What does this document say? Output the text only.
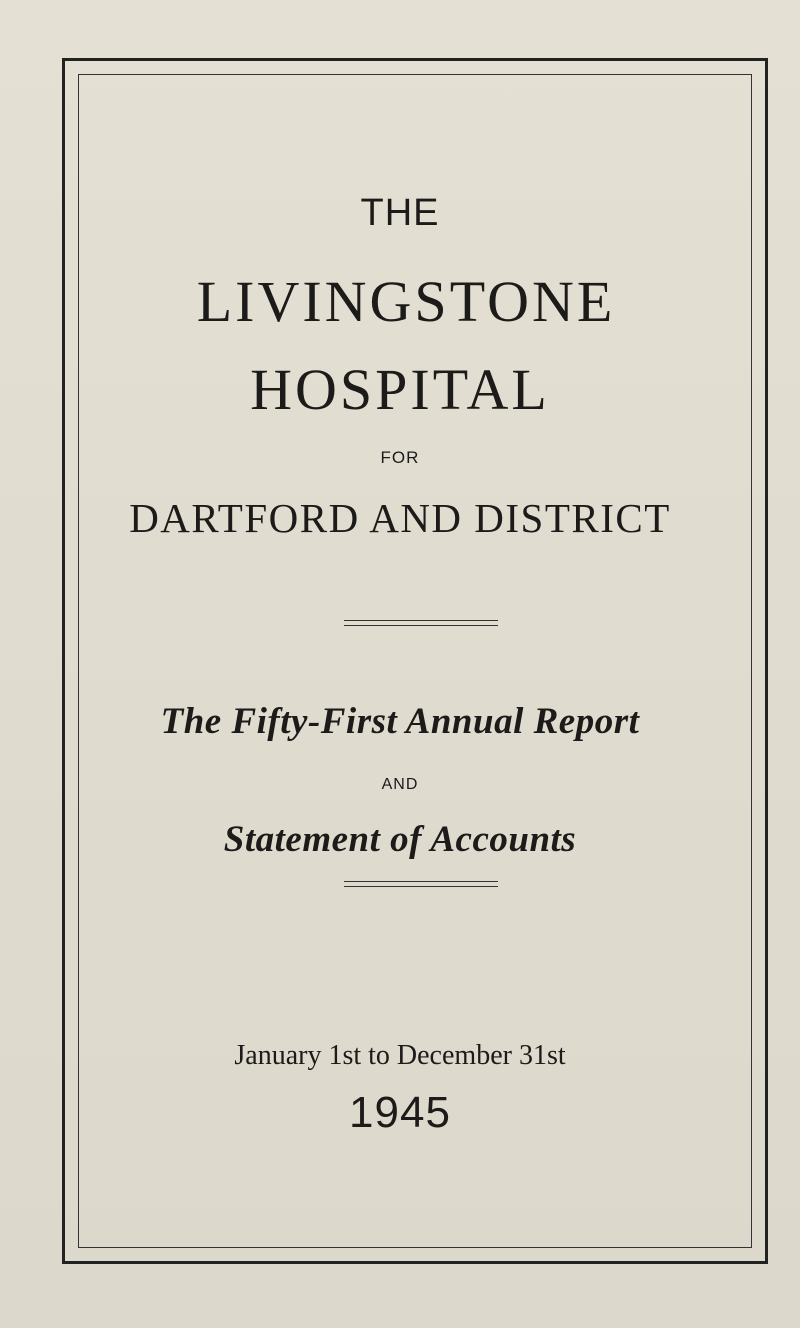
THE
LIVINGSTONE
HOSPITAL
FOR
DARTFORD AND DISTRICT
The Fifty-First Annual Report
AND
Statement of Accounts
January 1st to December 31st
1945
